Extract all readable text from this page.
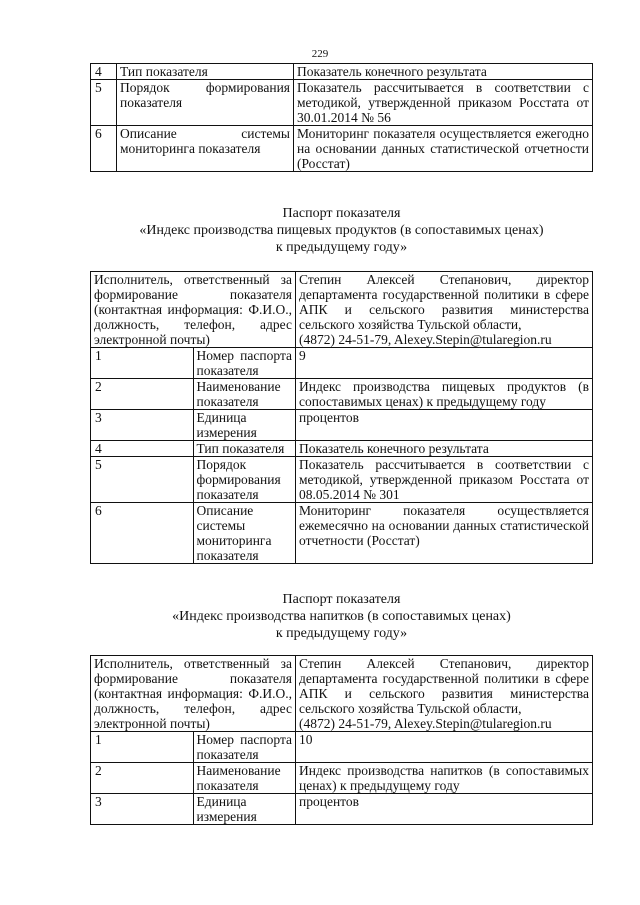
229
4	Тип показателя	Показатель конечного результата
5	Порядок формирования показателя	Показатель рассчитывается в соответствии с методикой, утвержденной приказом Росстата от 30.01.2014 № 56
6	Описание системы мониторинга показателя	Мониторинг показателя осуществляется ежегодно на основании данных статистической отчетности (Росстат)
Паспорт показателя
«Индекс производства пищевых продуктов (в сопоставимых ценах)
к предыдущему году»
Исполнитель, ответственный за формирование показателя (контактная информация: Ф.И.О., должность, телефон, адрес электронной почты)		Степин Алексей Степанович, директор департамента государственной политики в сфере АПК и сельского развития министерства сельского хозяйства Тульской области,
(4872) 24-51-79, Alexey.Stepin@tularegion.ru

1	Номер паспорта показателя	9
2	Наименование показателя	Индекс производства пищевых продуктов (в сопоставимых ценах) к предыдущему году
3	Единица измерения	процентов
4	Тип показателя	Показатель конечного результата
5	Порядок формирования показателя	Показатель рассчитывается в соответствии с методикой, утвержденной приказом Росстата от 08.05.2014 № 301
6	Описание системы мониторинга показателя	Мониторинг показателя осуществляется ежемесячно на основании данных статистической отчетности (Росстат)
Паспорт показателя
«Индекс производства напитков (в сопоставимых ценах)
к предыдущему году»
Исполнитель, ответственный за формирование показателя (контактная информация: Ф.И.О., должность, телефон, адрес электронной почты)		Степин Алексей Степанович, директор департамента государственной политики в сфере АПК и сельского развития министерства сельского хозяйства Тульской области,
(4872) 24-51-79, Alexey.Stepin@tularegion.ru

1	Номер паспорта показателя	10
2	Наименование показателя	Индекс производства напитков (в сопоставимых ценах) к предыдущему году
3	Единица измерения	процентов
